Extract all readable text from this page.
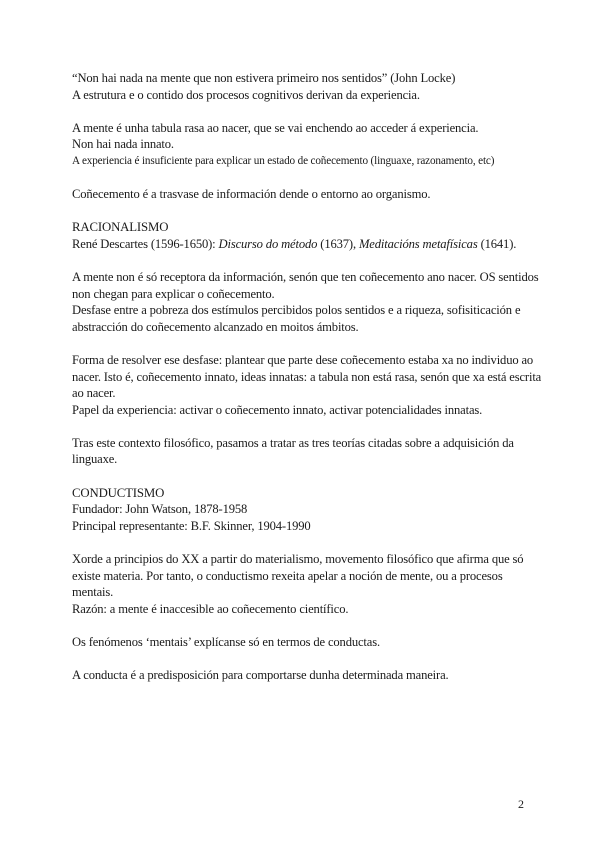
“Non hai nada na mente que non estivera primeiro nos sentidos” (John Locke)

A estrutura e o contido dos procesos cognitivos derivan da experiencia.

A mente é unha tabula rasa ao nacer, que se vai enchendo ao acceder á experiencia.

Non hai nada innato.

A experiencia é insuficiente para explicar un estado de coñecemento (linguaxe, razonamento, etc)

Coñecemento é a trasvase de información dende o entorno ao organismo.

RACIONALISMO

René Descartes (1596-1650): Discurso do método (1637), Meditacións metafísicas (1641).

A mente non é só receptora da información, senón que ten coñecemento ano nacer. OS sentidos non chegan para explicar o coñecemento.

Desfase entre a pobreza dos estímulos percibidos polos sentidos e a riqueza, sofisiticación e abstracción do coñecemento alcanzado en moitos ámbitos.

Forma de resolver ese desfase: plantear que parte dese coñecemento estaba xa no individuo ao nacer. Isto é, coñecemento innato, ideas innatas: a tabula non está rasa, senón que xa está escrita ao nacer.

Papel da experiencia: activar o coñecemento innato, activar potencialidades innatas.

Tras este contexto filosófico, pasamos a tratar as tres teorías citadas sobre a adquisición da linguaxe.

CONDUCTISMO

Fundador: John Watson, 1878-1958

Principal representante: B.F. Skinner, 1904-1990

Xorde a principios do XX a partir do materialismo, movemento filosófico que afirma que só existe materia. Por tanto, o conductismo rexeita apelar a noción de mente, ou a procesos mentais.

Razón: a mente é inaccesible ao coñecemento científico.

Os fenómenos ‘mentais’ explícanse só en termos de conductas.

A conducta é a predisposición para comportarse dunha determinada maneira.

2
